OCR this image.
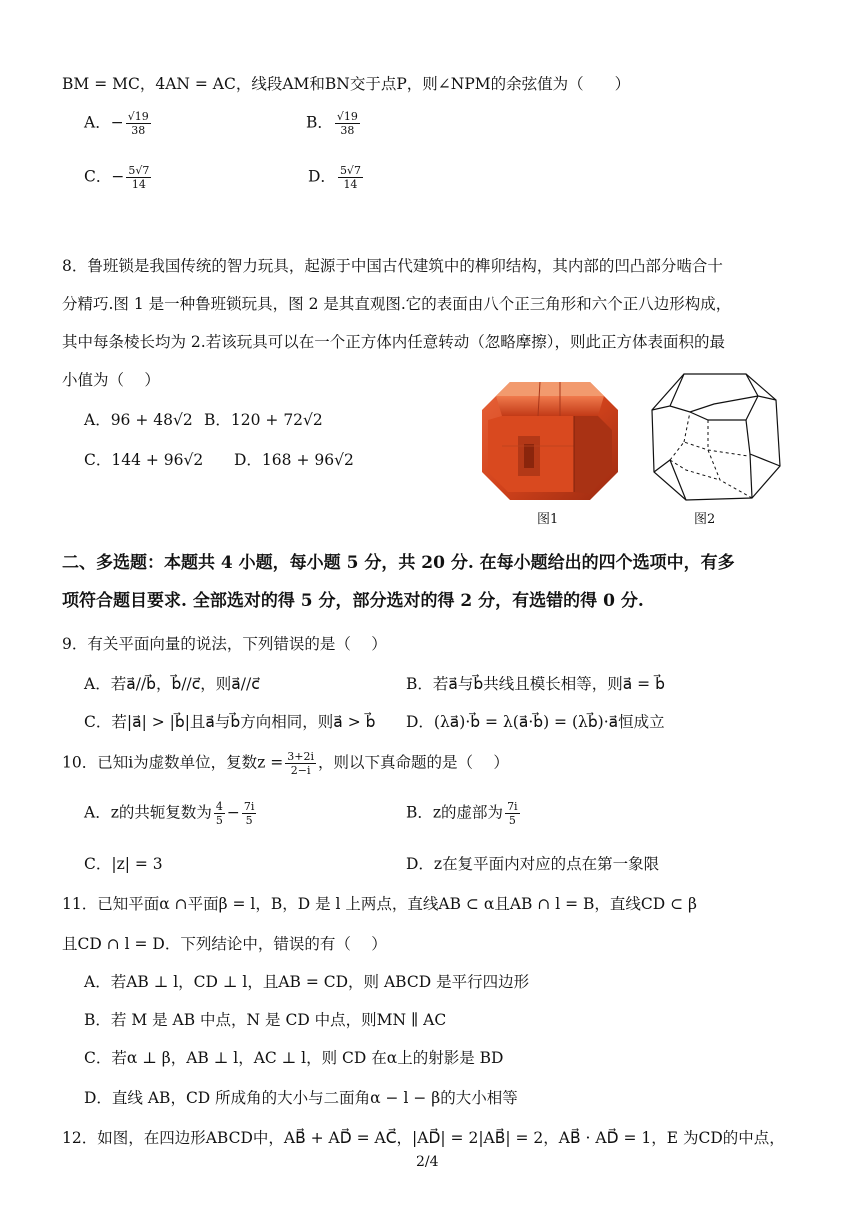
BM = MC，4AN = AC，线段AM和BN交于点P，则∠NPM的余弦值为（　　）
A．− $\frac{√19}{38}$	B． $\frac{√19}{38}$
C．− $\frac{5√7}{14}$	D． $\frac{5√7}{14}$
8．鲁班锁是我国传统的智力玩具，起源于中国古代建筑中的榫卯结构，其内部的凹凸部分啮合十
分精巧.图 1 是一种鲁班锁玩具，图 2 是其直观图.它的表面由八个正三角形和六个正八边形构成，
其中每条棱长均为 2.若该玩具可以在一个正方体内任意转动（忽略摩擦），则此正方体表面积的最
小值为（　 ）
A．96 + 48√2 B．120 + 72√2
C．144 + 96√2 D．168 + 96√2
图1	图2
二、多选题：本题共 4 小题，每小题 5 分，共 20 分. 在每小题给出的四个选项中，有多
项符合题目要求. 全部选对的得 5 分，部分选对的得 2 分，有选错的得 0 分.
9．有关平面向量的说法，下列错误的是（　 ）
A．若a⃗//b⃗，b⃗//c⃗，则a⃗//c⃗	B．若a⃗与b⃗共线且模长相等，则a⃗ = b⃗
C．若|a⃗| > |b⃗|且a⃗与b⃗方向相同，则a⃗ > b⃗ D．(λa⃗)·b⃗ = λ(a⃗·b⃗) = (λb⃗)·a⃗恒成立
10．已知i为虚数单位，复数$z = \frac{3+2i}{2-i}$ ，则以下真命题的是（　 ）
A．z的共轭复数为 $\frac{4}{5} - \frac{7i}{5}$	B．z的虚部为 $\frac{7i}{5}$
C．|z| = 3	D．z在复平面内对应的点在第一象限
11．已知平面α ∩平面β = l，B，D 是 l 上两点，直线AB ⊂ α且AB ∩ l = B，直线CD ⊂ β
且CD ∩ l = D．下列结论中，错误的有（　 ）
A．若AB ⊥ l，CD ⊥ l，且AB = CD，则 ABCD 是平行四边形
B．若 M 是 AB 中点，N 是 CD 中点，则MN ∥ AC
C．若α ⊥ β，AB ⊥ l，AC ⊥ l，则 CD 在α上的射影是 BD
D．直线 AB，CD 所成角的大小与二面角α − l − β的大小相等
12．如图，在四边形ABCD中，AB⃗ + AD⃗ = AC⃗，|AD⃗| = 2|AB⃗| = 2，AB⃗ · AD⃗ = 1，E 为CD的中点，
2/4
